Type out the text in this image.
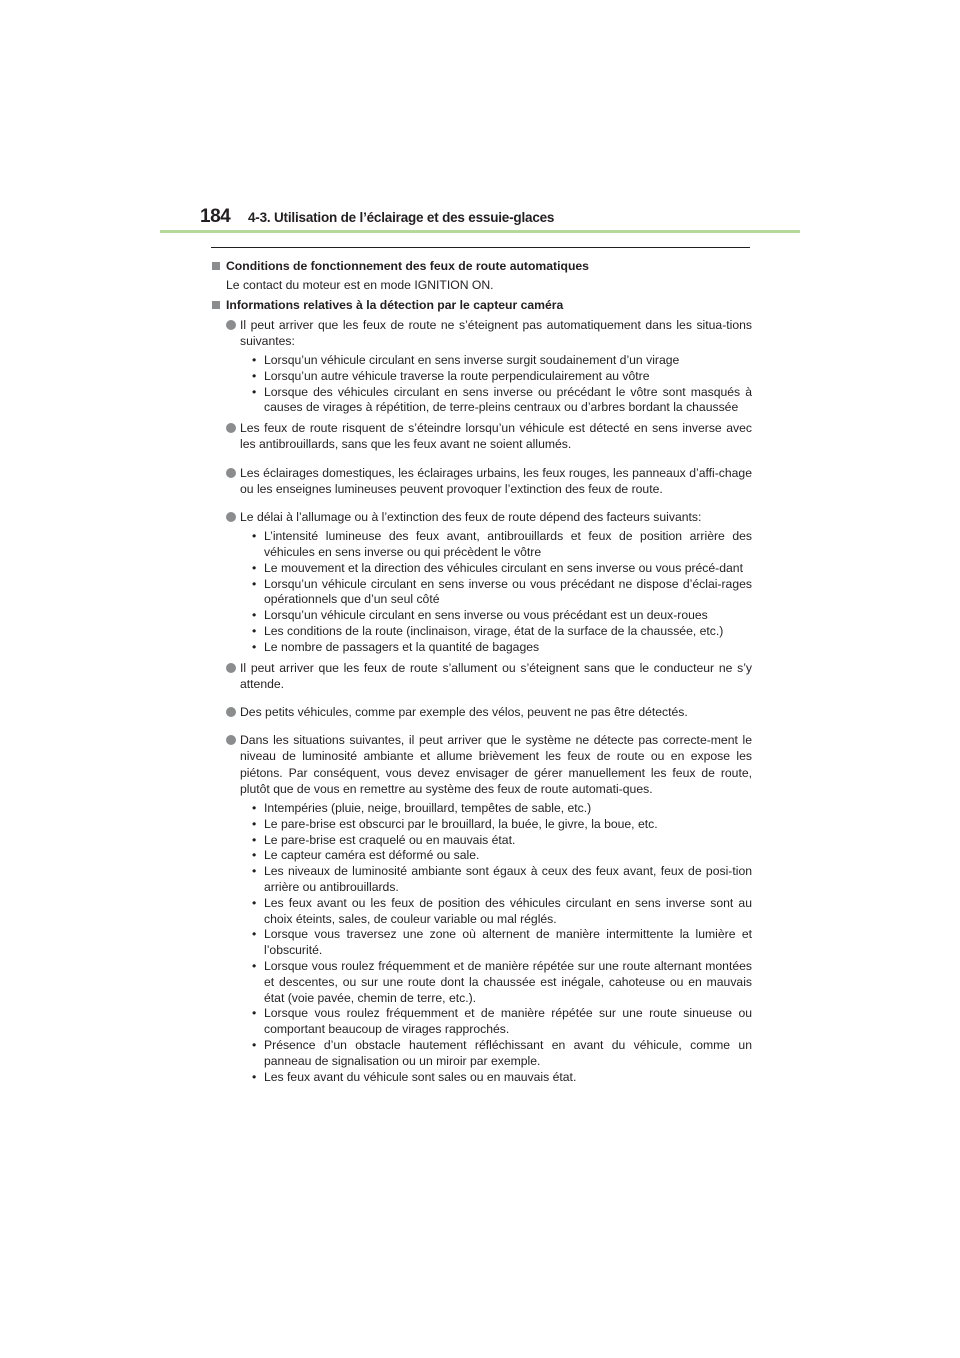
184 4-3. Utilisation de l’éclairage et des essuie-glaces
Conditions de fonctionnement des feux de route automatiques
Le contact du moteur est en mode IGNITION ON.
Informations relatives à la détection par le capteur caméra
Il peut arriver que les feux de route ne s’éteignent pas automatiquement dans les situa-tions suivantes:
• Lorsqu’un véhicule circulant en sens inverse surgit soudainement d’un virage
• Lorsqu’un autre véhicule traverse la route perpendiculairement au vôtre
• Lorsque des véhicules circulant en sens inverse ou précédant le vôtre sont masqués à causes de virages à répétition, de terre-pleins centraux ou d’arbres bordant la chaussée
Les feux de route risquent de s’éteindre lorsqu’un véhicule est détecté en sens inverse avec les antibrouillards, sans que les feux avant ne soient allumés.
Les éclairages domestiques, les éclairages urbains, les feux rouges, les panneaux d’affi-chage ou les enseignes lumineuses peuvent provoquer l’extinction des feux de route.
Le délai à l’allumage ou à l’extinction des feux de route dépend des facteurs suivants:
• L’intensité lumineuse des feux avant, antibrouillards et feux de position arrière des véhicules en sens inverse ou qui précèdent le vôtre
• Le mouvement et la direction des véhicules circulant en sens inverse ou vous précé-dant
• Lorsqu’un véhicule circulant en sens inverse ou vous précédant ne dispose d’éclai-rages opérationnels que d’un seul côté
• Lorsqu’un véhicule circulant en sens inverse ou vous précédant est un deux-roues
• Les conditions de la route (inclinaison, virage, état de la surface de la chaussée, etc.)
• Le nombre de passagers et la quantité de bagages
Il peut arriver que les feux de route s’allument ou s’éteignent sans que le conducteur ne s’y attende.
Des petits véhicules, comme par exemple des vélos, peuvent ne pas être détectés.
Dans les situations suivantes, il peut arriver que le système ne détecte pas correcte-ment le niveau de luminosité ambiante et allume brièvement les feux de route ou en expose les piétons. Par conséquent, vous devez envisager de gérer manuellement les feux de route, plutôt que de vous en remettre au système des feux de route automati-ques.
• Intempéries (pluie, neige, brouillard, tempêtes de sable, etc.)
• Le pare-brise est obscurci par le brouillard, la buée, le givre, la boue, etc.
• Le pare-brise est craquelé ou en mauvais état.
• Le capteur caméra est déformé ou sale.
• Les niveaux de luminosité ambiante sont égaux à ceux des feux avant, feux de posi-tion arrière ou antibrouillards.
• Les feux avant ou les feux de position des véhicules circulant en sens inverse sont au choix éteints, sales, de couleur variable ou mal réglés.
• Lorsque vous traversez une zone où alternent de manière intermittente la lumière et l’obscurité.
• Lorsque vous roulez fréquemment et de manière répétée sur une route alternant montées et descentes, ou sur une route dont la chaussée est inégale, cahoteuse ou en mauvais état (voie pavée, chemin de terre, etc.).
• Lorsque vous roulez fréquemment et de manière répétée sur une route sinueuse ou comportant beaucoup de virages rapprochés.
• Présence d’un obstacle hautement réfléchissant en avant du véhicule, comme un panneau de signalisation ou un miroir par exemple.
• Les feux avant du véhicule sont sales ou en mauvais état.
